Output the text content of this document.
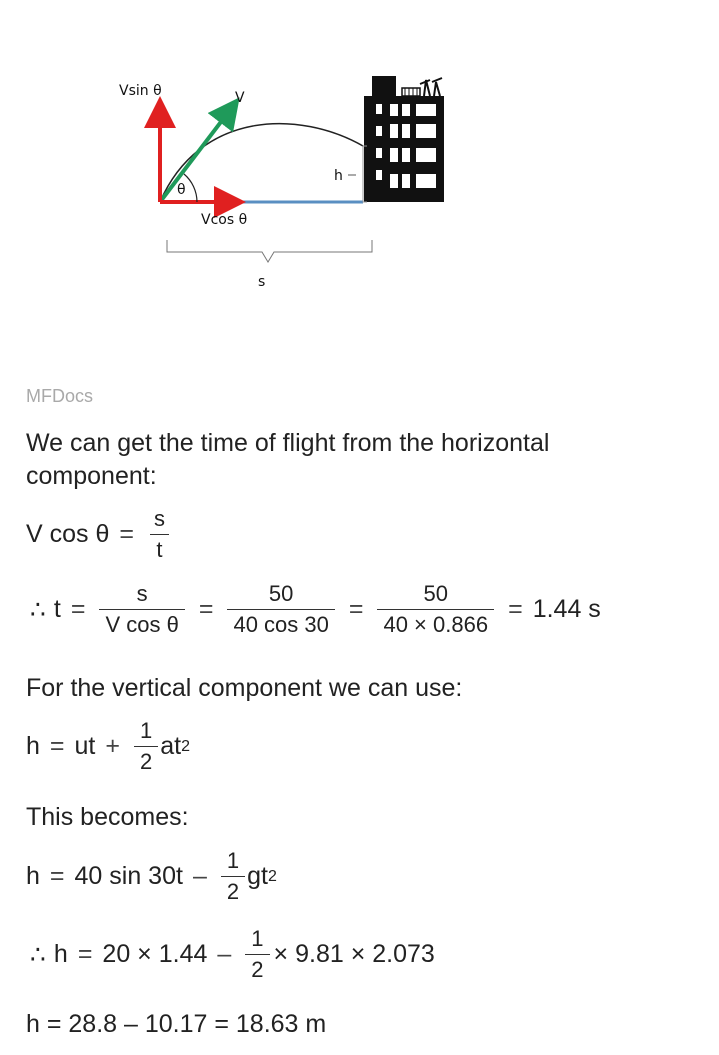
Vsin θ	V
θ
h
Vcos θ
s
MFDocs
We can get the time of flight from the horizontal component:
V $\cos \theta = \frac{s}{t}$
∴ $t = \frac{s}{\text{V cos θ}} = \frac{50}{40 \cos 30} = \frac{50}{40 \times 0.866} = 1.44$ s
For the vertical component we can use:
h = ut + $\frac{1}{2}$ at 2
This becomes:
h = 40 $\sin 30t - \frac{1}{2}$ gt 2
∴ $h = 20 \times 1.44 - \frac{1}{2} \times 9.81 \times 2.073$
h = 28.8 – 10.17 = 18.63 m
